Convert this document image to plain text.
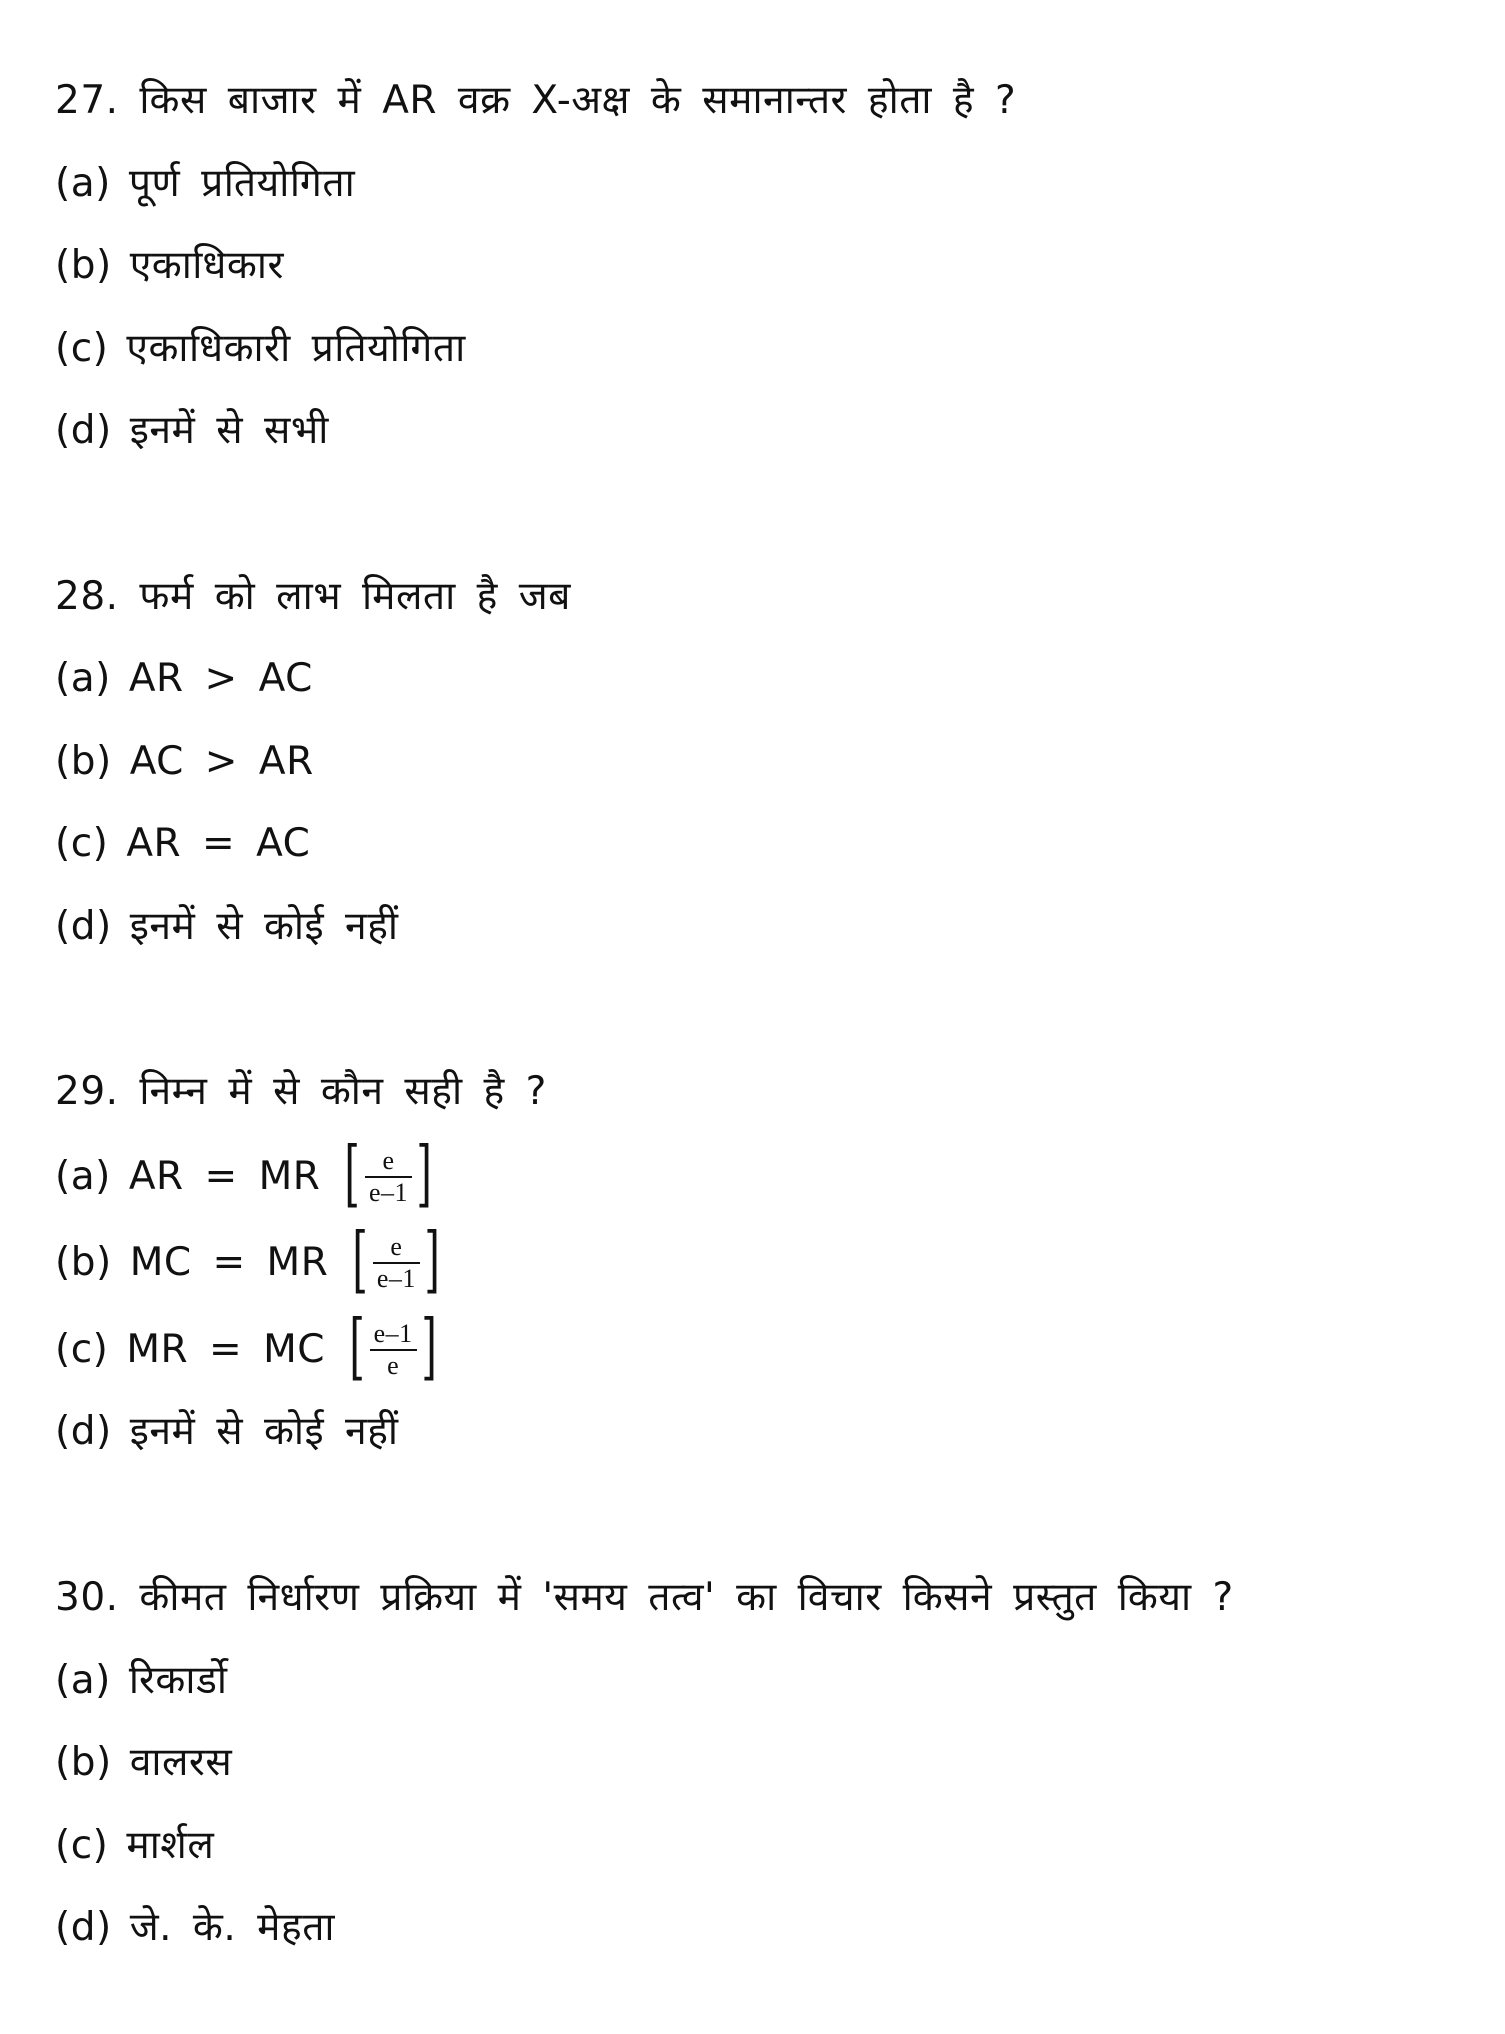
27. किस बाजार में AR वक्र X-अक्ष के समानान्तर होता है ?
(a) पूर्ण प्रतियोगिता
(b) एकाधिकार
(c) एकाधिकारी प्रतियोगिता
(d) इनमें से सभी
28. फर्म को लाभ मिलता है जब
(a) AR > AC
(b) AC > AR
(c) AR = AC
(d) इनमें से कोई नहीं
29. निम्न में से कौन सही है ?
(a) AR = MR [ $\frac{e}{e-1}$ ]
(b) MC = MR [ $\frac{e}{e-1}$ ]
(c) MR = MC [ $\frac{e-1}{e}$ ]
(d) इनमें से कोई नहीं
30. कीमत निर्धारण प्रक्रिया में 'समय तत्व' का विचार किसने प्रस्तुत किया ?
(a) रिकार्डो
(b) वालरस
(c) मार्शल
(d) जे. के. मेहता
